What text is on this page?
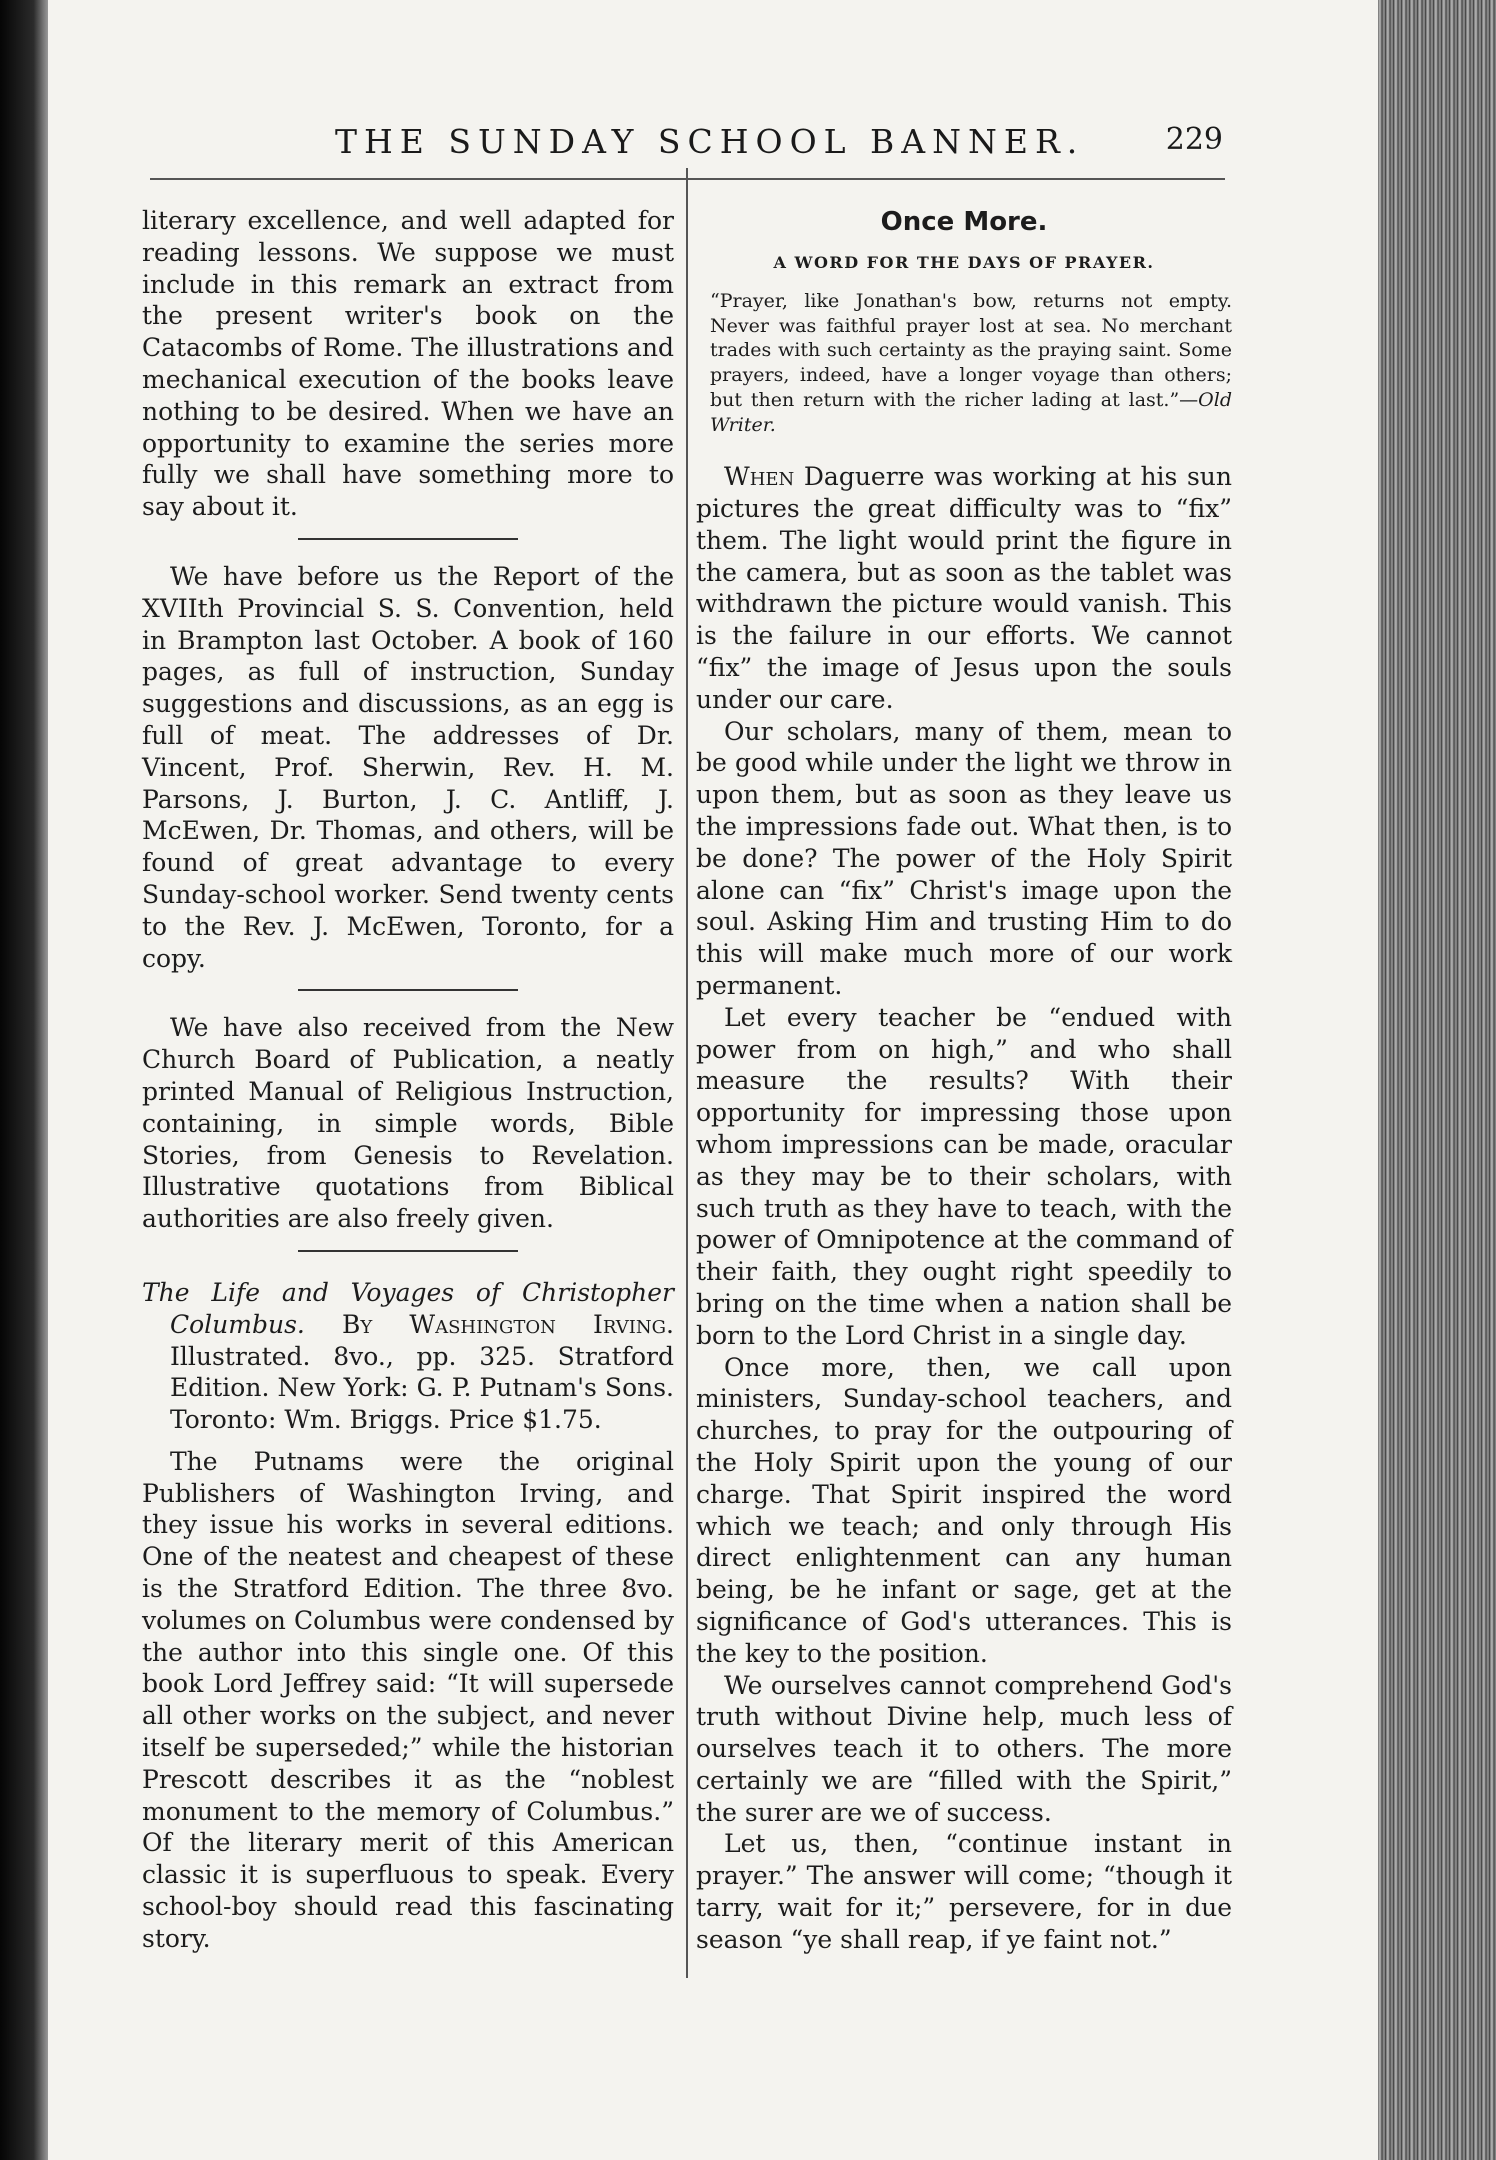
THE SUNDAY SCHOOL BANNER.	229

literary excellence, and well adapted for reading lessons. We suppose we must include in this remark an extract from the present writer's book on the Catacombs of Rome. The illustrations and mechanical execution of the books leave nothing to be desired. When we have an opportunity to examine the series more fully we shall have something more to say about it.

We have before us the Report of the XVIIth Provincial S. S. Convention, held in Brampton last October. A book of 160 pages, as full of instruction, Sunday suggestions and discussions, as an egg is full of meat. The addresses of Dr. Vincent, Prof. Sherwin, Rev. H. M. Parsons, J. Burton, J. C. Antliff, J. McEwen, Dr. Thomas, and others, will be found of great advantage to every Sunday-school worker. Send twenty cents to the Rev. J. McEwen, Toronto, for a copy.

We have also received from the New Church Board of Publication, a neatly printed Manual of Religious Instruction, containing, in simple words, Bible Stories, from Genesis to Revelation. Illustrative quotations from Biblical authorities are also freely given.

The Life and Voyages of Christopher Columbus. By Washington Irving. Illustrated. 8vo., pp. 325. Stratford Edition. New York: G. P. Putnam's Sons. Toronto: Wm. Briggs. Price $1.75.

The Putnams were the original Publishers of Washington Irving, and they issue his works in several editions. One of the neatest and cheapest of these is the Stratford Edition. The three 8vo. volumes on Columbus were condensed by the author into this single one. Of this book Lord Jeffrey said: “It will supersede all other works on the subject, and never itself be superseded;” while the historian Prescott describes it as the “noblest monument to the memory of Columbus.” Of the literary merit of this American classic it is superfluous to speak. Every school-boy should read this fascinating story.

Once More.
A WORD FOR THE DAYS OF PRAYER.
“Prayer, like Jonathan's bow, returns not empty. Never was faithful prayer lost at sea. No merchant trades with such certainty as the praying saint. Some prayers, indeed, have a longer voyage than others; but then return with the richer lading at last.”—Old Writer.

When Daguerre was working at his sun pictures the great difficulty was to “fix” them. The light would print the figure in the camera, but as soon as the tablet was withdrawn the picture would vanish. This is the failure in our efforts. We cannot “fix” the image of Jesus upon the souls under our care.

Our scholars, many of them, mean to be good while under the light we throw in upon them, but as soon as they leave us the impressions fade out. What then, is to be done? The power of the Holy Spirit alone can “fix” Christ's image upon the soul. Asking Him and trusting Him to do this will make much more of our work permanent.

Let every teacher be “endued with power from on high,” and who shall measure the results? With their opportunity for impressing those upon whom impressions can be made, oracular as they may be to their scholars, with such truth as they have to teach, with the power of Omnipotence at the command of their faith, they ought right speedily to bring on the time when a nation shall be born to the Lord Christ in a single day.

Once more, then, we call upon ministers, Sunday-school teachers, and churches, to pray for the outpouring of the Holy Spirit upon the young of our charge. That Spirit inspired the word which we teach; and only through His direct enlightenment can any human being, be he infant or sage, get at the significance of God's utterances. This is the key to the position.

We ourselves cannot comprehend God's truth without Divine help, much less of ourselves teach it to others. The more certainly we are “filled with the Spirit,” the surer are we of success.

Let us, then, “continue instant in prayer.” The answer will come; “though it tarry, wait for it;” persevere, for in due season “ye shall reap, if ye faint not.”
